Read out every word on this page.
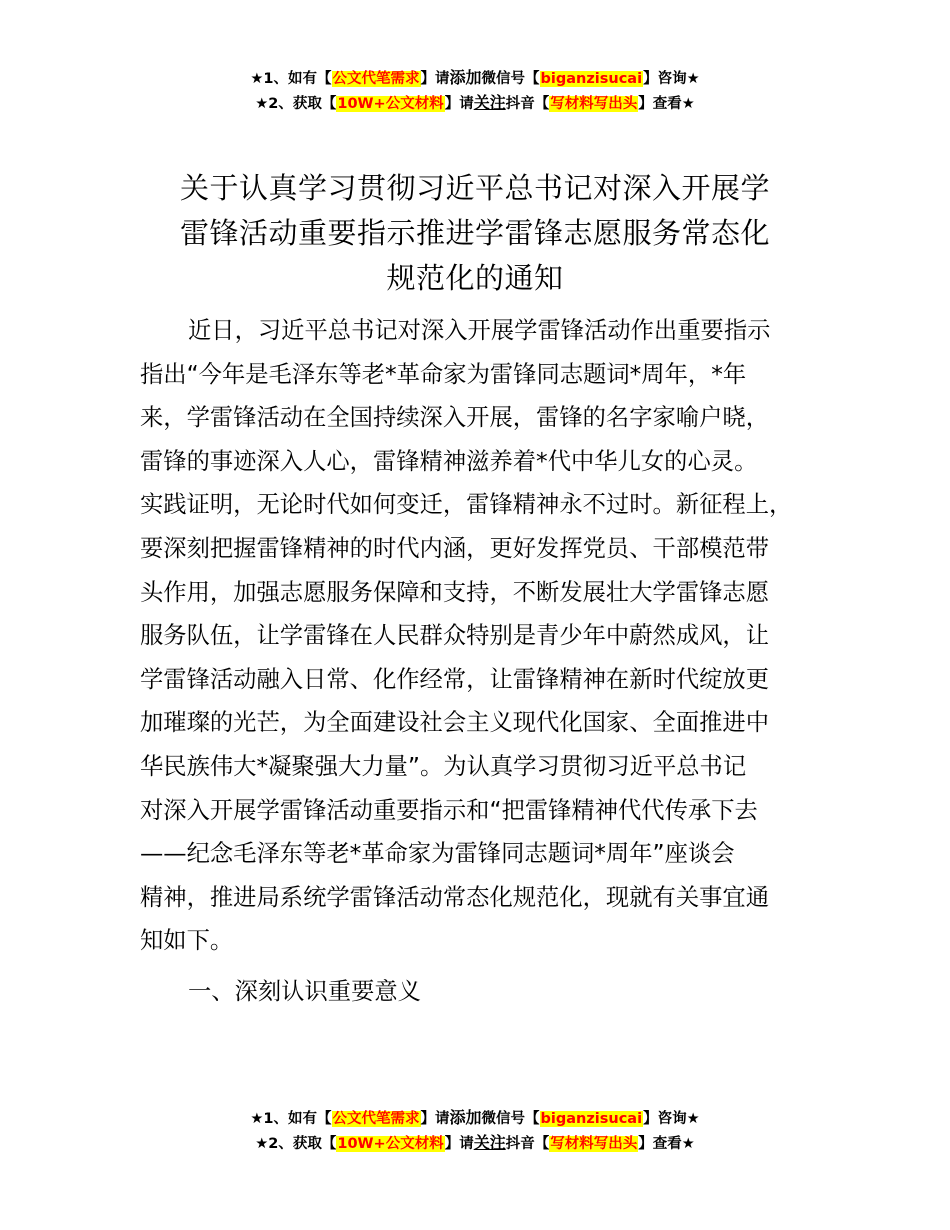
★1、如有【公文代笔需求】请添加微信号【biganzisucai】咨询★
★2、获取【10W+公文材料】请关注抖音【写材料写出头】查看★
关于认真学习贯彻习近平总书记对深入开展学
雷锋活动重要指示推进学雷锋志愿服务常态化
规范化的通知
近日，习近平总书记对深入开展学雷锋活动作出重要指示
指出“今年是毛泽东等老*革命家为雷锋同志题词*周年，*年
来，学雷锋活动在全国持续深入开展，雷锋的名字家喻户晓，
雷锋的事迹深入人心，雷锋精神滋养着*代中华儿女的心灵。
实践证明，无论时代如何变迁，雷锋精神永不过时。新征程上，
要深刻把握雷锋精神的时代内涵，更好发挥党员、干部模范带
头作用，加强志愿服务保障和支持，不断发展壮大学雷锋志愿
服务队伍，让学雷锋在人民群众特别是青少年中蔚然成风，让
学雷锋活动融入日常、化作经常，让雷锋精神在新时代绽放更
加璀璨的光芒，为全面建设社会主义现代化国家、全面推进中
华民族伟大*凝聚强大力量”。为认真学习贯彻习近平总书记
对深入开展学雷锋活动重要指示和“把雷锋精神代代传承下去
——纪念毛泽东等老*革命家为雷锋同志题词*周年”座谈会
精神，推进局系统学雷锋活动常态化规范化，现就有关事宜通
知如下。
一、深刻认识重要意义
★1、如有【公文代笔需求】请添加微信号【biganzisucai】咨询★
★2、获取【10W+公文材料】请关注抖音【写材料写出头】查看★
